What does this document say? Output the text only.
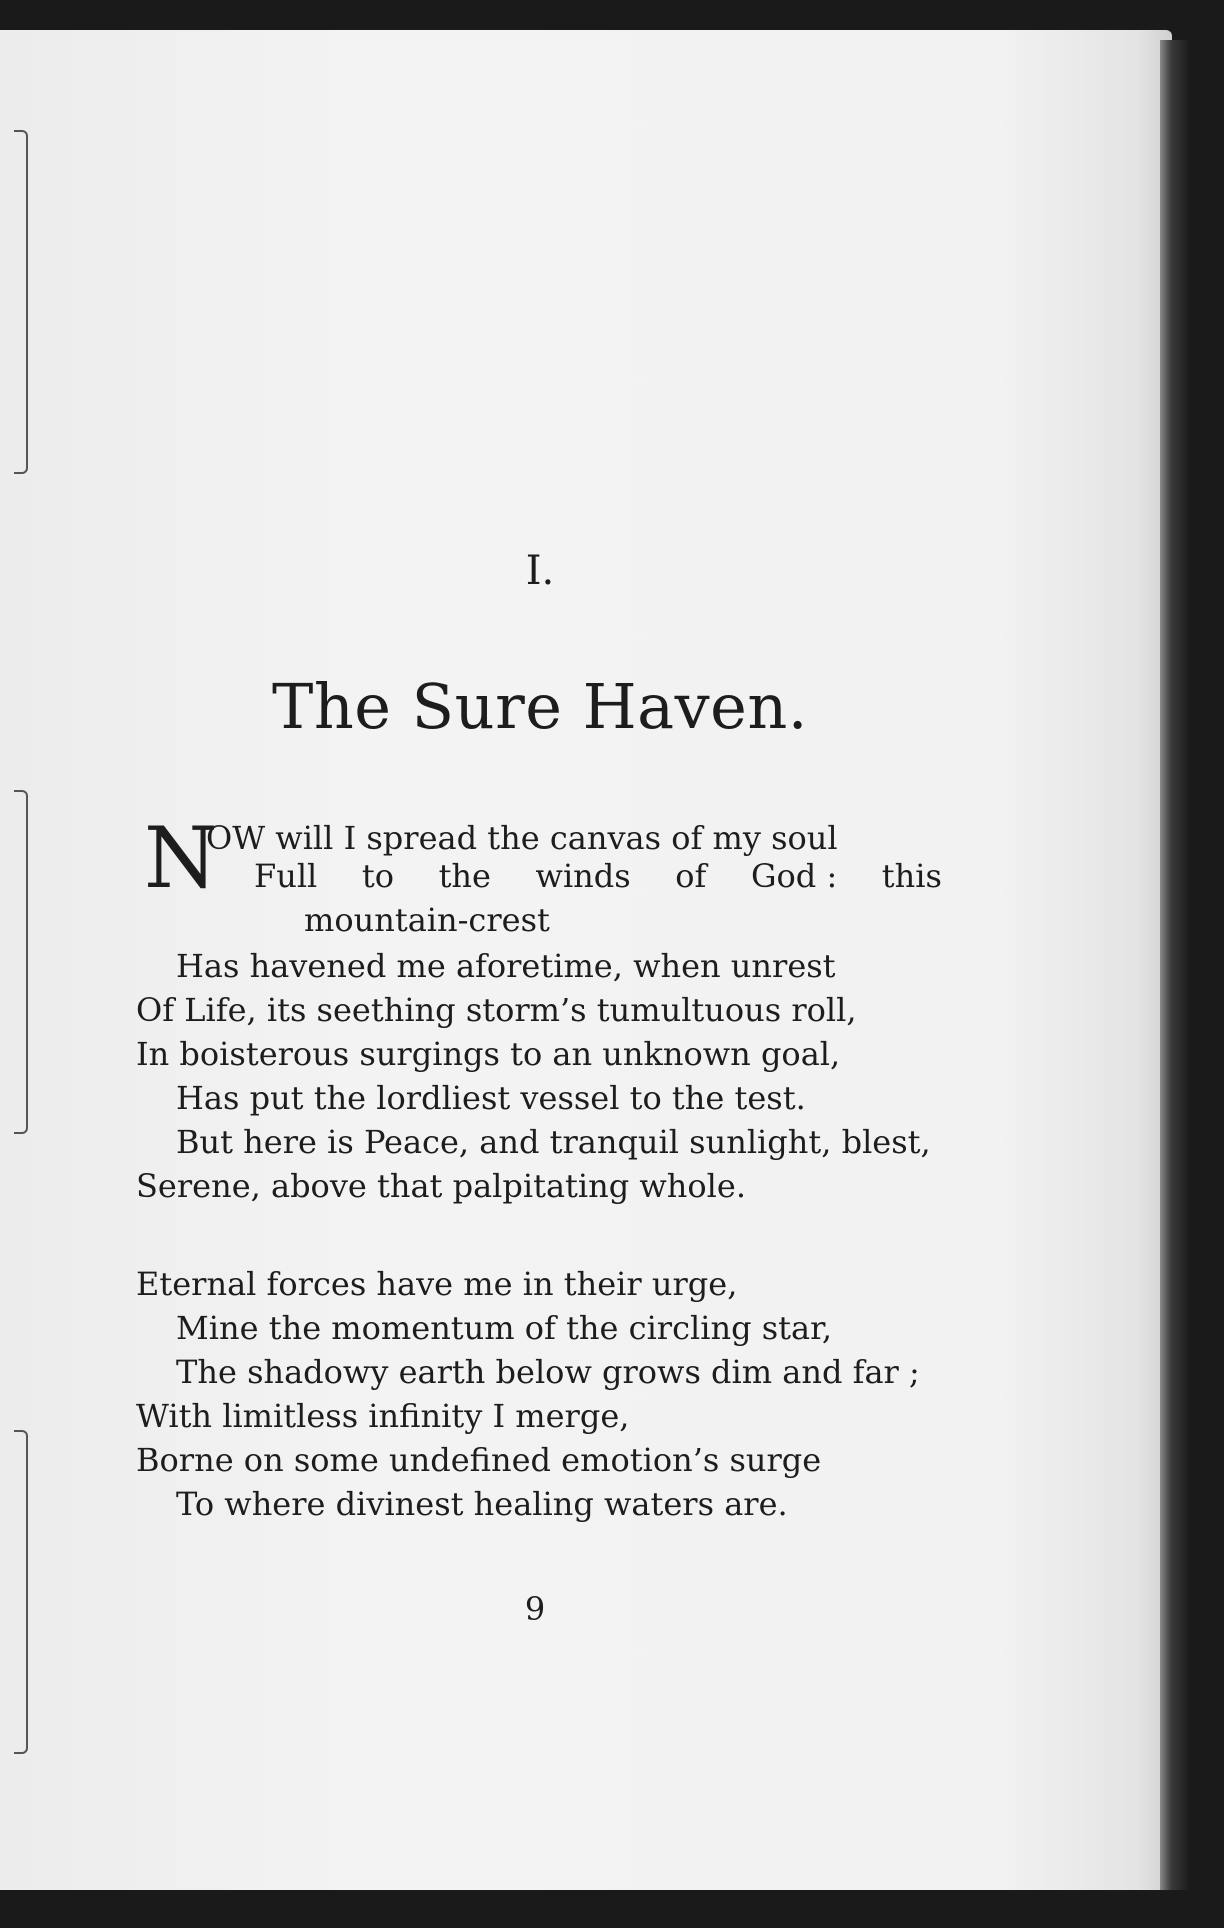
I.
The Sure Haven.
N
OW will I spread the canvas of my soul
Full to the winds of God : this
mountain-crest
Has havened me aforetime, when unrest
Of Life, its seething storm’s tumultuous roll,
In boisterous surgings to an unknown goal,
Has put the lordliest vessel to the test.
But here is Peace, and tranquil sunlight, blest,
Serene, above that palpitating whole.
Eternal forces have me in their urge,
Mine the momentum of the circling star,
The shadowy earth below grows dim and far ;
With limitless infinity I merge,
Borne on some undefined emotion’s surge
To where divinest healing waters are.
9
